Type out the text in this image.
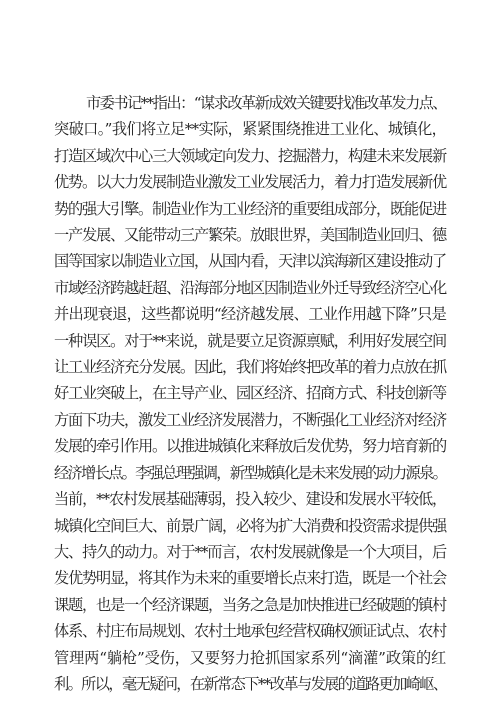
市委书记**指出：“谋求改革新成效关键要找准改革发力点、
突破口。”我们将立足**实际，紧紧围绕推进工业化、城镇化，
打造区域次中心三大领域定向发力、挖掘潜力，构建未来发展新
优势。以大力发展制造业激发工业发展活力，着力打造发展新优
势的强大引擎。制造业作为工业经济的重要组成部分，既能促进
一产发展、又能带动三产繁荣。放眼世界，美国制造业回归、德
国等国家以制造业立国，从国内看，天津以滨海新区建设推动了
市域经济跨越赶超、沿海部分地区因制造业外迁导致经济空心化
并出现衰退，这些都说明“经济越发展、工业作用越下降”只是
一种误区。对于**来说，就是要立足资源禀赋，利用好发展空间
让工业经济充分发展。因此，我们将始终把改革的着力点放在抓
好工业突破上，在主导产业、园区经济、招商方式、科技创新等
方面下功夫，激发工业经济发展潜力，不断强化工业经济对经济
发展的牵引作用。以推进城镇化来释放后发优势，努力培育新的
经济增长点。李强总理强调，新型城镇化是未来发展的动力源泉。
当前，**农村发展基础薄弱，投入较少、建设和发展水平较低，
城镇化空间巨大、前景广阔，必将为扩大消费和投资需求提供强
大、持久的动力。对于**而言，农村发展就像是一个大项目，后
发优势明显，将其作为未来的重要增长点来打造，既是一个社会
课题，也是一个经济课题，当务之急是加快推进已经破题的镇村
体系、村庄布局规划、农村土地承包经营权确权颁证试点、农村
管理两“躺枪”受伤，又要努力抢抓国家系列“滴灌”政策的红
利。所以，毫无疑问，在新常态下**改革与发展的道路更加崎岖、
